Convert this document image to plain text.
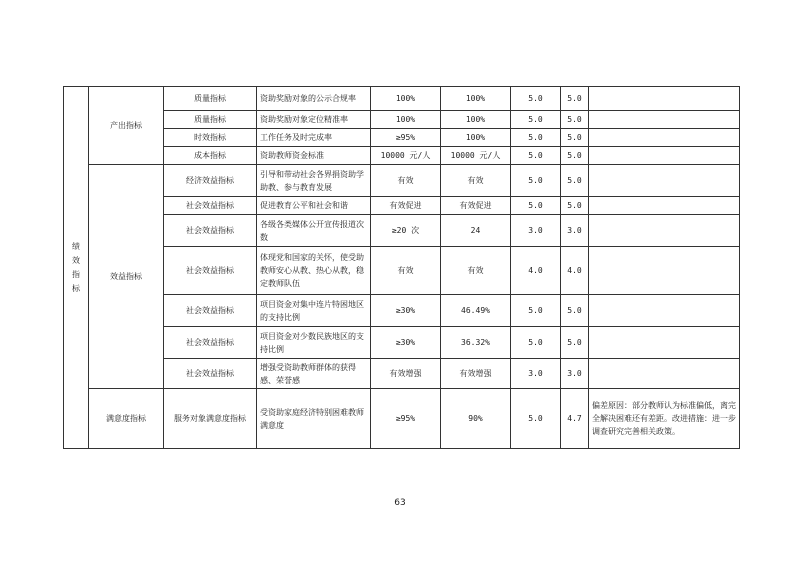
绩效指标	产出指标	质量指标	资助奖励对象的公示合规率	100%	100%	5.0	5.0	
		质量指标	资助奖励对象定位精准率	100%	100%	5.0	5.0	
		时效指标	工作任务及时完成率	≥95%	100%	5.0	5.0	
		成本指标	资助教师资金标准	10000 元/人	10000 元/人	5.0	5.0	
	效益指标	经济效益指标	引导和带动社会各界捐资助学助教、参与教育发展	有效	有效	5.0	5.0	
		社会效益指标	促进教育公平和社会和谐	有效促进	有效促进	5.0	5.0	
		社会效益指标	各级各类媒体公开宣传报道次数	≥20 次	24	3.0	3.0	
		社会效益指标	体现党和国家的关怀，使受助教师安心从教、热心从教，稳定教师队伍	有效	有效	4.0	4.0	
		社会效益指标	项目资金对集中连片特困地区的支持比例	≥30%	46.49%	5.0	5.0	
		社会效益指标	项目资金对少数民族地区的支持比例	≥30%	36.32%	5.0	5.0	
		社会效益指标	增强受资助教师群体的获得感、荣誉感	有效增强	有效增强	3.0	3.0	
	满意度指标	服务对象满意度指标	受资助家庭经济特别困难教师满意度	≥95%	90%	5.0	4.7	偏差原因：部分教师认为标准偏低，离完全解决困难还有差距。改进措施：进一步调查研究完善相关政策。
63
